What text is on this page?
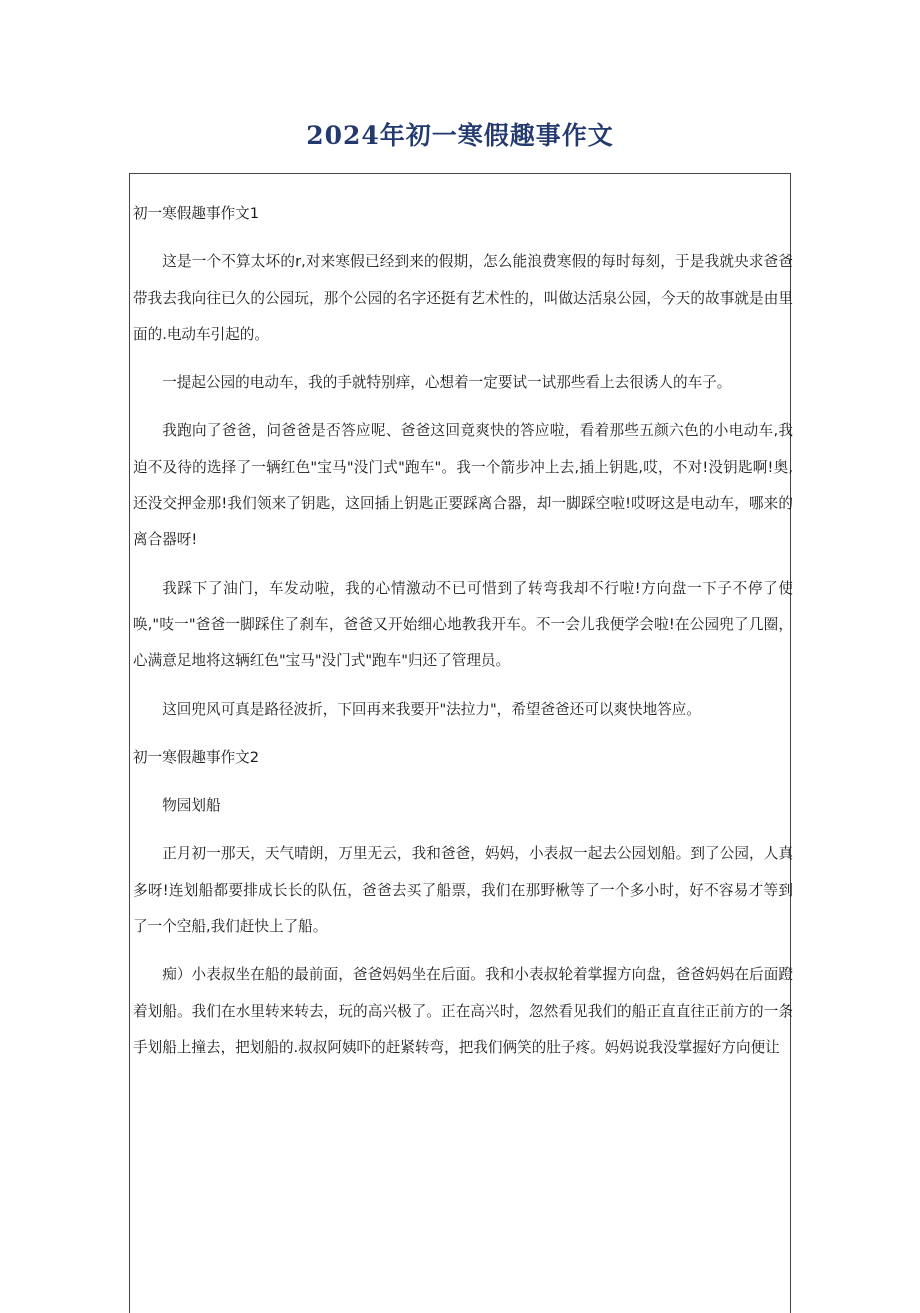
2024年初一寒假趣事作文

初一寒假趣事作文1

这是一个不算太坏的r,对来寒假已经到来的假期，怎么能浪费寒假的每时每刻，于是我就央求爸爸带我去我向往已久的公园玩，那个公园的名字还挺有艺术性的，叫做达活泉公园，今天的故事就是由里面的.电动车引起的。

一提起公园的电动车，我的手就特别痒，心想着一定要试一试那些看上去很诱人的车子。

我跑向了爸爸，问爸爸是否答应呢、爸爸这回竟爽快的答应啦，看着那些五颜六色的小电动车,我迫不及待的选择了一辆红色"宝马"没门式"跑车"。我一个箭步冲上去,插上钥匙,哎，不对!没钥匙啊!奥,还没交押金那!我们领来了钥匙，这回插上钥匙正要踩离合器，却一脚踩空啦!哎呀这是电动车，哪来的离合器呀!

我踩下了油门，车发动啦，我的心情激动不已可惜到了转弯我却不行啦!方向盘一下子不停了使唤,"吱一"爸爸一脚踩住了刹车，爸爸又开始细心地教我开车。不一会儿我便学会啦!在公园兜了几圈，心满意足地将这辆红色"宝马"没门式"跑车"归还了管理员。

这回兜风可真是路径波折，下回再来我要开"法拉力"，希望爸爸还可以爽快地答应。

初一寒假趣事作文2

物园划船

正月初一那天，天气晴朗，万里无云，我和爸爸，妈妈，小表叔一起去公园划船。到了公园，人真多呀!连划船都要排成长长的队伍，爸爸去买了船票，我们在那野楸等了一个多小时，好不容易才等到了一个空船,我们赶快上了船。

痴）小表叔坐在船的最前面，爸爸妈妈坐在后面。我和小表叔轮着掌握方向盘，爸爸妈妈在后面蹬着划船。我们在水里转来转去，玩的高兴极了。正在高兴时，忽然看见我们的船正直直往正前方的一条手划船上撞去，把划船的.叔叔阿姨吓的赶紧转弯，把我们俩笑的肚子疼。妈妈说我没掌握好方向便让
